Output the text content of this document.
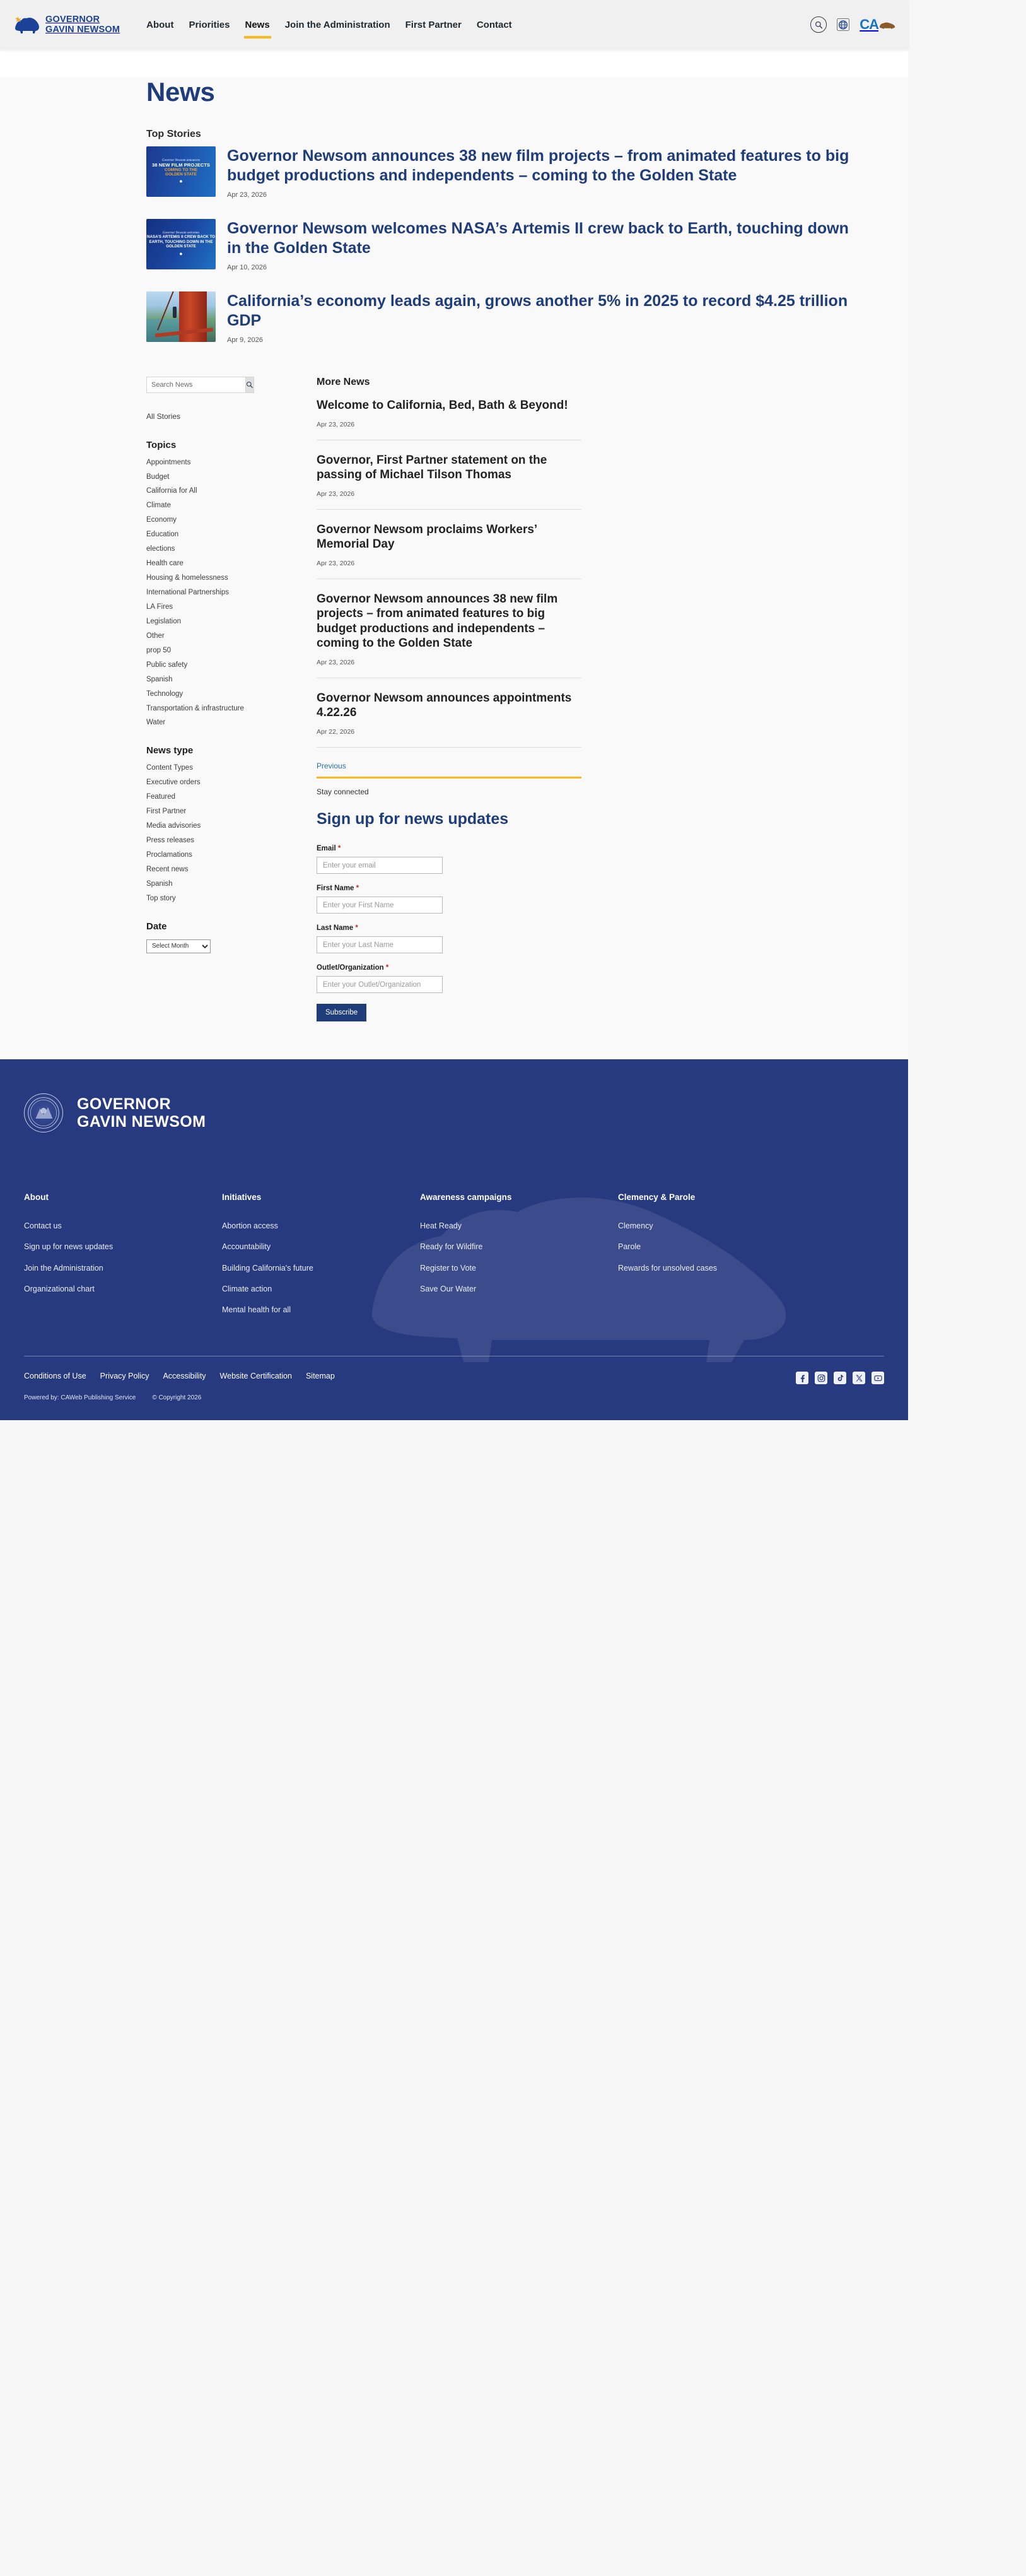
GOVERNOR
GAVIN NEWSOM	About Priorities News Join the Administration First Partner Contact	CA
News
Top Stories
Governor Newsom announces
38 NEW FILM PROJECTS
COMING TO THE
GOLDEN STATE
●
Governor Newsom announces 38 new film projects – from animated features to big budget productions and independents – coming to the Golden State
Apr 23, 2026
Governor Newsom welcomes
NASA’S ARTEMIS II CREW BACK TO EARTH, TOUCHING DOWN IN THE GOLDEN STATE
●
Governor Newsom welcomes NASA’s Artemis II crew back to Earth, touching down in the Golden State
Apr 10, 2026
California’s economy leads again, grows another 5% in 2025 to record $4.25 trillion GDP
Apr 9, 2026
Search News
All Stories
Topics
Appointments
Budget
California for All
Climate
Economy
Education
elections
Health care
Housing & homelessness
International Partnerships
LA Fires
Legislation
Other
prop 50
Public safety
Spanish
Technology
Transportation & infrastructure
Water
News type
Content Types
Executive orders
Featured
First Partner
Media advisories
Press releases
Proclamations
Recent news
Spanish
Top story
Date
Select Month
More News
Welcome to California, Bed, Bath & Beyond!
Apr 23, 2026
Governor, First Partner statement on the passing of Michael Tilson Thomas
Apr 23, 2026
Governor Newsom proclaims Workers’ Memorial Day
Apr 23, 2026
Governor Newsom announces 38 new film projects – from animated features to big budget productions and independents – coming to the Golden State
Apr 23, 2026
Governor Newsom announces appointments 4.22.26
Apr 22, 2026
Previous
Stay connected
Sign up for news updates
Email *
Enter your email
First Name *
Enter your First Name
Last Name *
Enter your Last Name
Outlet/Organization *
Enter your Outlet/Organization
Subscribe
GOVERNOR
GAVIN NEWSOM
About
Contact us
Sign up for news updates
Join the Administration
Organizational chart
Initiatives
Abortion access
Accountability
Building California's future
Climate action
Mental health for all
Awareness campaigns
Heat Ready
Ready for Wildfire
Register to Vote
Save Our Water
Clemency & Parole
Clemency
Parole
Rewards for unsolved cases
Conditions of Use Privacy Policy Accessibility Website Certification Sitemap
Powered by: CAWeb Publishing Service	© Copyright 2026
